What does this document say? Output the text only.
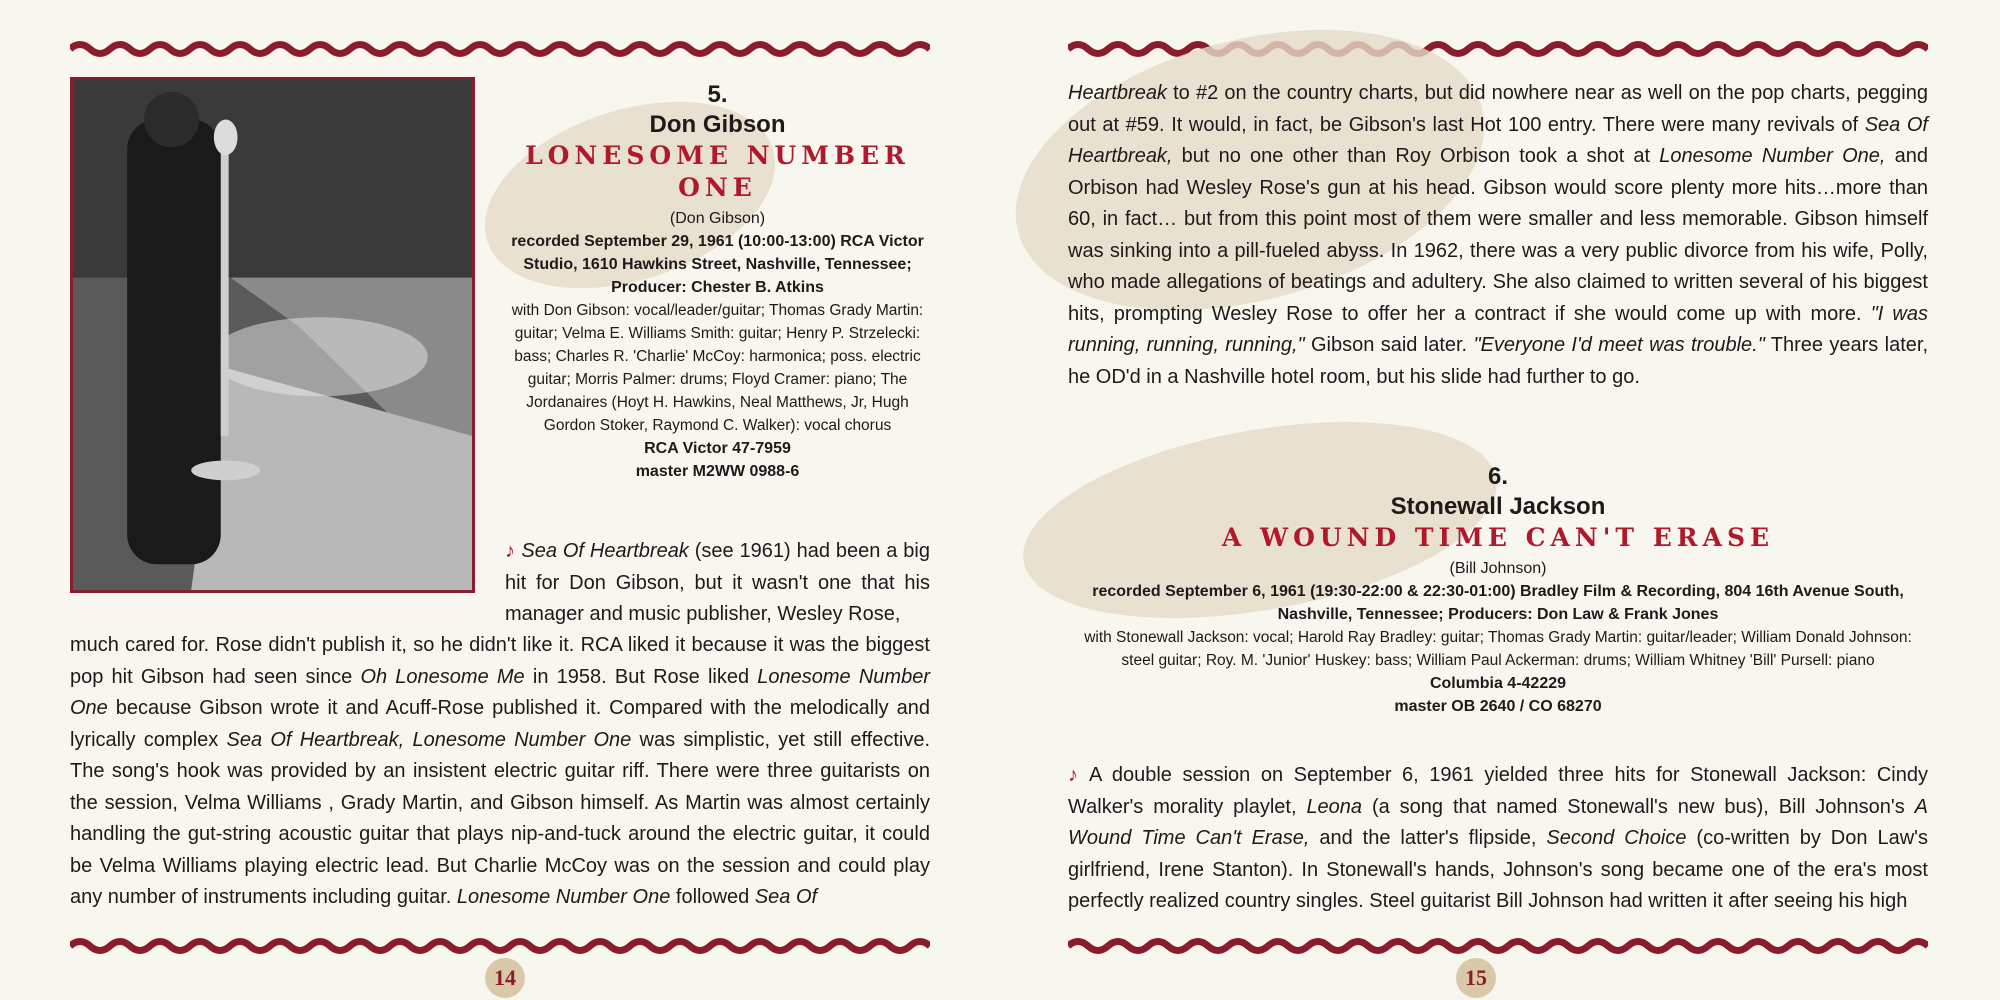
5.
Don Gibson
LONESOME NUMBER ONE
(Don Gibson)
recorded September 29, 1961 (10:00-13:00) RCA Victor Studio, 1610 Hawkins Street, Nashville, Tennessee; Producer: Chester B. Atkins
with Don Gibson: vocal/leader/guitar; Thomas Grady Martin: guitar; Velma E. Williams Smith: guitar; Henry P. Strzelecki: bass; Charles R. 'Charlie' McCoy: harmonica; poss. electric guitar; Morris Palmer: drums; Floyd Cramer: piano; The Jordanaires (Hoyt H. Hawkins, Neal Matthews, Jr, Hugh Gordon Stoker, Raymond C. Walker): vocal chorus
RCA Victor 47-7959
master M2WW 0988-6
♪ Sea Of Heartbreak (see 1961) had been a big hit for Don Gibson, but it wasn't one that his manager and music publisher, Wesley Rose,
much cared for. Rose didn't publish it, so he didn't like it. RCA liked it because it was the biggest pop hit Gibson had seen since Oh Lonesome Me in 1958. But Rose liked Lonesome Number One because Gibson wrote it and Acuff-Rose published it. Compared with the melodically and lyrically complex Sea Of Heartbreak, Lonesome Number One was simplistic, yet still effective. The song's hook was provided by an insistent electric guitar riff. There were three guitarists on the session, Velma Williams , Grady Martin, and Gibson himself. As Martin was almost certainly handling the gut-string acoustic guitar that plays nip-and-tuck around the electric guitar, it could be Velma Williams playing electric lead. But Charlie McCoy was on the session and could play any number of instruments including guitar. Lonesome Number One followed Sea Of
14
Heartbreak to #2 on the country charts, but did nowhere near as well on the pop charts, pegging out at #59. It would, in fact, be Gibson's last Hot 100 entry. There were many revivals of Sea Of Heartbreak, but no one other than Roy Orbison took a shot at Lonesome Number One, and Orbison had Wesley Rose's gun at his head. Gibson would score plenty more hits…more than 60, in fact… but from this point most of them were smaller and less memorable. Gibson himself was sinking into a pill-fueled abyss. In 1962, there was a very public divorce from his wife, Polly, who made allegations of beatings and adultery. She also claimed to written several of his biggest hits, prompting Wesley Rose to offer her a contract if she would come up with more. "I was running, running, running," Gibson said later. "Everyone I'd meet was trouble." Three years later, he OD'd in a Nashville hotel room, but his slide had further to go.
6.
Stonewall Jackson
A WOUND TIME CAN'T ERASE
(Bill Johnson)
recorded September 6, 1961 (19:30-22:00 & 22:30-01:00) Bradley Film & Recording, 804 16th Avenue South, Nashville, Tennessee; Producers: Don Law & Frank Jones
with Stonewall Jackson: vocal; Harold Ray Bradley: guitar; Thomas Grady Martin: guitar/leader; William Donald Johnson: steel guitar; Roy. M. 'Junior' Huskey: bass; William Paul Ackerman: drums; William Whitney 'Bill' Pursell: piano
Columbia 4-42229
master OB 2640 / CO 68270
♪ A double session on September 6, 1961 yielded three hits for Stonewall Jackson: Cindy Walker's morality playlet, Leona (a song that named Stonewall's new bus), Bill Johnson's A Wound Time Can't Erase, and the latter's flipside, Second Choice (co-written by Don Law's girlfriend, Irene Stanton). In Stonewall's hands, Johnson's song became one of the era's most perfectly realized country singles. Steel guitarist Bill Johnson had written it after seeing his high
15
